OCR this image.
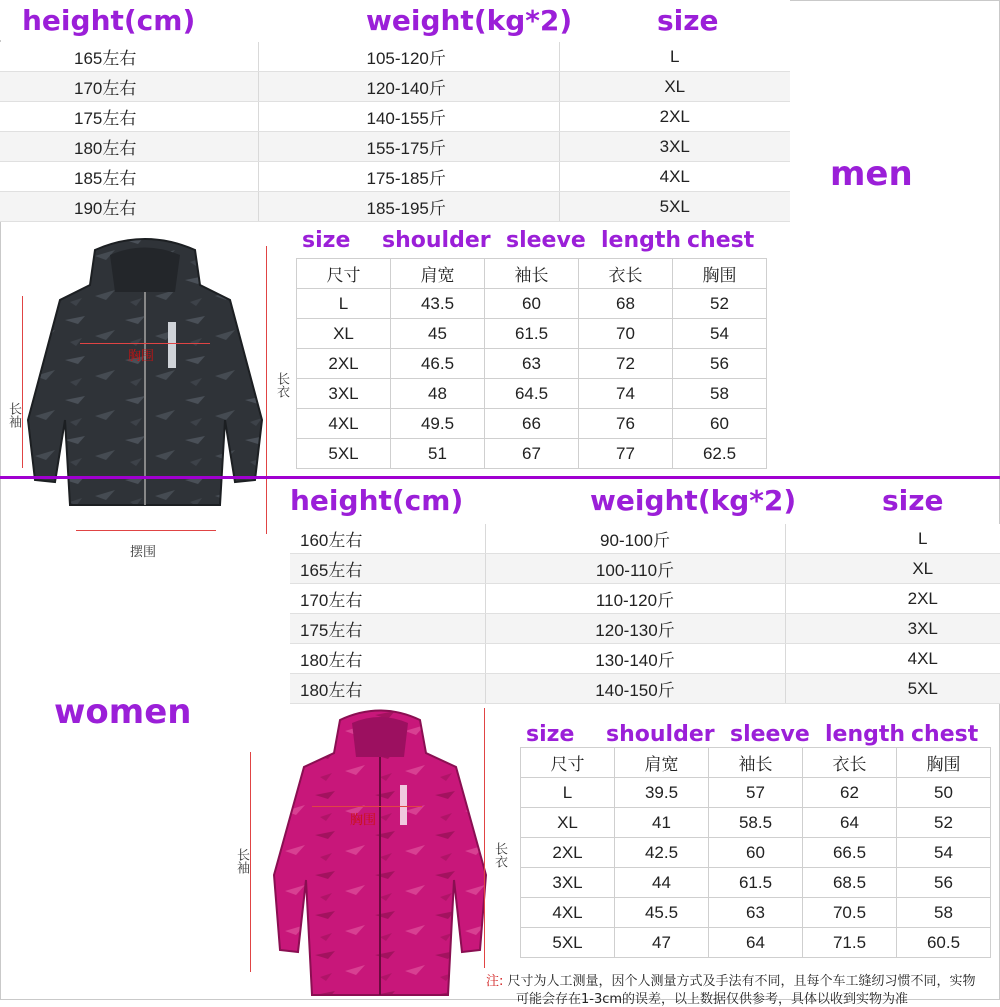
height(cm)	weight(kg*2)	size
165左右	105-120斤	L
170左右	120-140斤	XL
175左右	140-155斤	2XL
180左右	155-175斤	3XL
185左右	175-185斤	4XL
190左右	185-195斤	5XL
men
胸围
长袖
长衣
摆围
size shoulder sleeve length chest
尺寸	肩宽	袖长	衣长	胸围
L	43.5	60	68	52
XL	45	61.5	70	54
2XL	46.5	63	72	56
3XL	48	64.5	74	58
4XL	49.5	66	76	60
5XL	51	67	77	62.5
height(cm)	weight(kg*2)	size
160左右	90-100斤	L
165左右	100-110斤	XL
170左右	110-120斤	2XL
175左右	120-130斤	3XL
180左右	130-140斤	4XL
180左右	140-150斤	5XL
women
胸围
长袖	长衣
size shoulder sleeve length chest
尺寸	肩宽	袖长	衣长	胸围
L	39.5	57	62	50
XL	41	58.5	64	52
2XL	42.5	60	66.5	54
3XL	44	61.5	68.5	56
4XL	45.5	63	70.5	58
5XL	47	64	71.5	60.5
注: 尺寸为人工测量，因个人测量方式及手法有不同，且每个车工缝纫习惯不同，实物
可能会存在1-3cm的误差，以上数据仅供参考，具体以收到实物为准
